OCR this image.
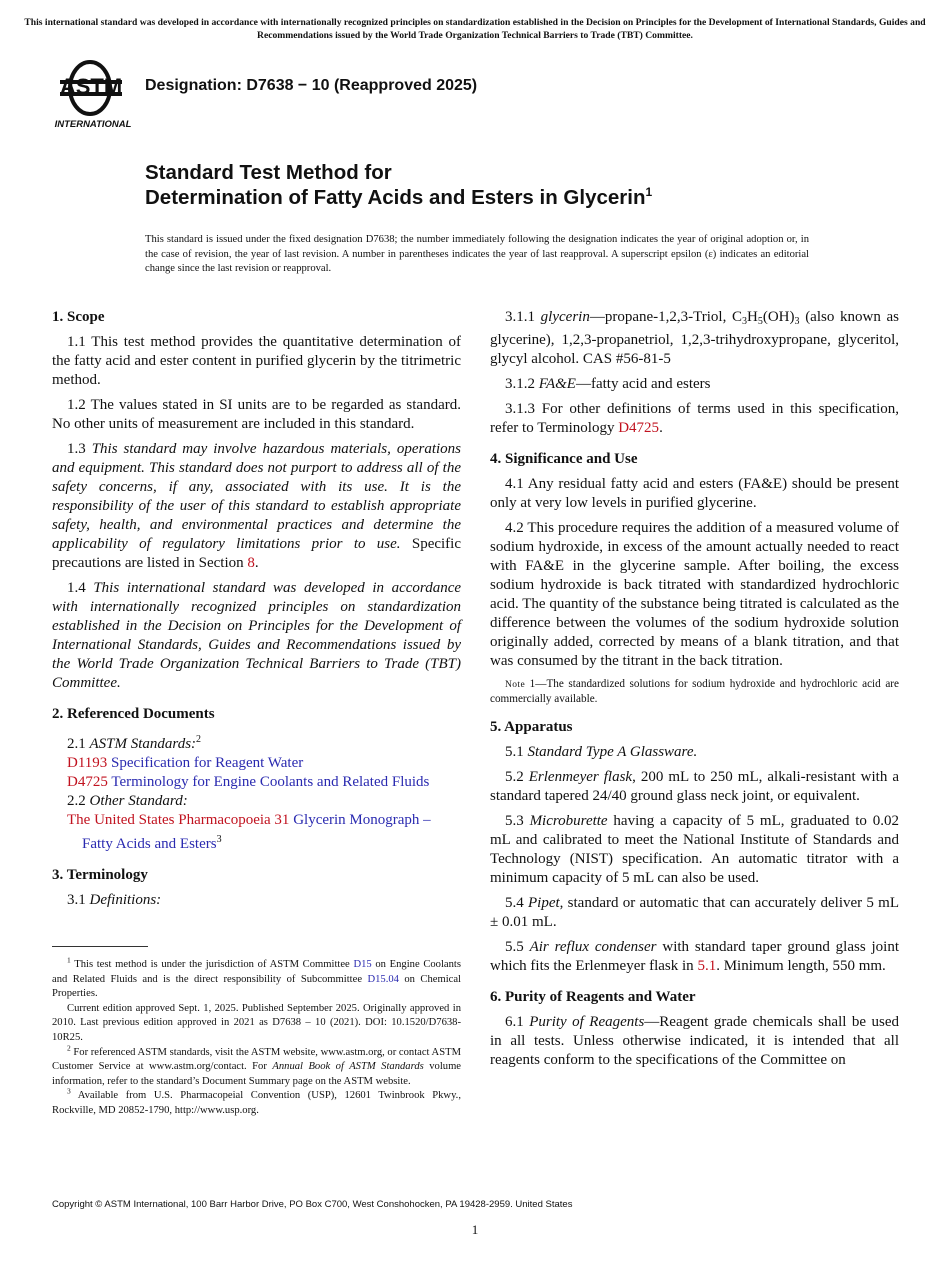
This international standard was developed in accordance with internationally recognized principles on standardization established in the Decision on Principles for the Development of International Standards, Guides and Recommendations issued by the World Trade Organization Technical Barriers to Trade (TBT) Committee.
ASTM
INTERNATIONAL
Designation: D7638 − 10 (Reapproved 2025)
Standard Test Method for
Determination of Fatty Acids and Esters in Glycerin$^1$
This standard is issued under the fixed designation D7638; the number immediately following the designation indicates the year of original adoption or, in the case of revision, the year of last revision. A number in parentheses indicates the year of last reapproval. A superscript epsilon (ε) indicates an editorial change since the last revision or reapproval.
1. Scope

1.1 This test method provides the quantitative determination of the fatty acid and ester content in purified glycerin by the titrimetric method.

1.2 The values stated in SI units are to be regarded as standard. No other units of measurement are included in this standard.

1.3 This standard may involve hazardous materials, operations and equipment. This standard does not purport to address all of the safety concerns, if any, associated with its use. It is the responsibility of the user of this standard to establish appropriate safety, health, and environmental practices and determine the applicability of regulatory limitations prior to use. Specific precautions are listed in Section 8.

1.4 This international standard was developed in accordance with internationally recognized principles on standardization established in the Decision on Principles for the Development of International Standards, Guides and Recommendations issued by the World Trade Organization Technical Barriers to Trade (TBT) Committee.

2. Referenced Documents

2.1 ASTM Standards:$^2$

D1193 Specification for Reagent Water

D4725 Terminology for Engine Coolants and Related Fluids

2.2 Other Standard:

The United States Pharmacopoeia 31 Glycerin Monograph –

Fatty Acids and Esters$^3$

3. Terminology

3.1 Definitions:

$^1$ This test method is under the jurisdiction of ASTM Committee D15 on Engine Coolants and Related Fluids and is the direct responsibility of Subcommittee D15.04 on Chemical Properties.

Current edition approved Sept. 1, 2025. Published September 2025. Originally approved in 2010. Last previous edition approved in 2021 as D7638 – 10 (2021). DOI: 10.1520/D7638-10R25.

$^2$ For referenced ASTM standards, visit the ASTM website, www.astm.org, or contact ASTM Customer Service at www.astm.org/contact. For Annual Book of ASTM Standards volume information, refer to the standard’s Document Summary page on the ASTM website.

$^3$ Available from U.S. Pharmacopeial Convention (USP), 12601 Twinbrook Pkwy., Rockville, MD 20852-1790, http://www.usp.org.

3.1.1 glycerin—propane-1,2,3-Triol, $C_3H_5(OH)_3$ (also known as glycerine), 1,2,3-propanetriol, 1,2,3-trihydroxypropane, glyceritol, glycyl alcohol. CAS #56-81-5

3.1.2 FA&E—fatty acid and esters

3.1.3 For other definitions of terms used in this specification, refer to Terminology D4725.

4. Significance and Use

4.1 Any residual fatty acid and esters (FA&E) should be present only at very low levels in purified glycerine.

4.2 This procedure requires the addition of a measured volume of sodium hydroxide, in excess of the amount actually needed to react with FA&E in the glycerine sample. After boiling, the excess sodium hydroxide is back titrated with standardized hydrochloric acid. The quantity of the substance being titrated is calculated as the difference between the volumes of the sodium hydroxide solution originally added, corrected by means of a blank titration, and that was consumed by the titrant in the back titration.

Note 1—The standardized solutions for sodium hydroxide and hydrochloric acid are commercially available.

5. Apparatus

5.1 Standard Type A Glassware.

5.2 Erlenmeyer flask, 200 mL to 250 mL, alkali-resistant with a standard tapered 24/40 ground glass neck joint, or equivalent.

5.3 Microburette having a capacity of 5 mL, graduated to 0.02 mL and calibrated to meet the National Institute of Standards and Technology (NIST) specification. An automatic titrator with a minimum capacity of 5 mL can also be used.

5.4 Pipet, standard or automatic that can accurately deliver 5 mL ± 0.01 mL.

5.5 Air reflux condenser with standard taper ground glass joint which fits the Erlenmeyer flask in 5.1. Minimum length, 550 mm.

6. Purity of Reagents and Water

6.1 Purity of Reagents—Reagent grade chemicals shall be used in all tests. Unless otherwise indicated, it is intended that all reagents conform to the specifications of the Committee on

Copyright © ASTM International, 100 Barr Harbor Drive, PO Box C700, West Conshohocken, PA 19428-2959. United States
1
